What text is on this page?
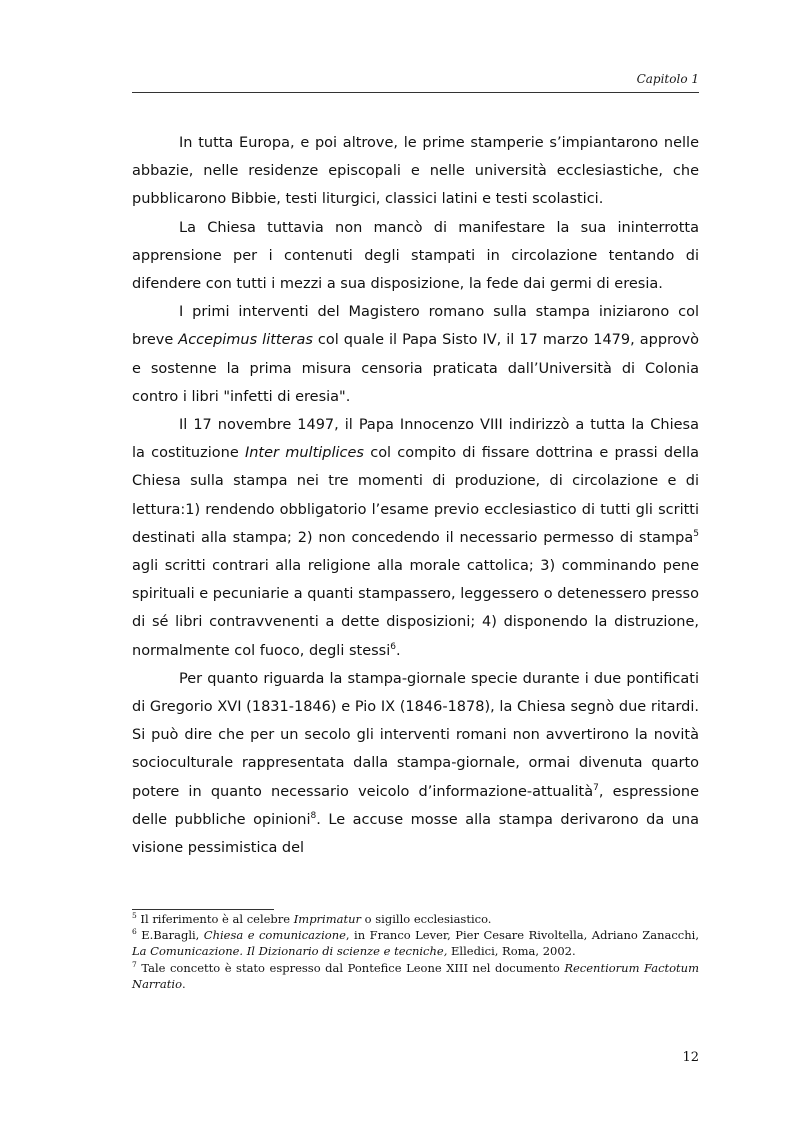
Capitolo 1

In tutta Europa, e poi altrove, le prime stamperie s’impiantarono nelle abbazie, nelle residenze episcopali e nelle università ecclesiastiche, che pubblicarono Bibbie, testi liturgici, classici latini e testi scolastici.

La Chiesa tuttavia non mancò di manifestare la sua ininterrotta apprensione per i contenuti degli stampati in circolazione tentando di difendere con tutti i mezzi a sua disposizione, la fede dai germi di eresia.

I primi interventi del Magistero romano sulla stampa iniziarono col breve Accepimus litteras col quale il Papa Sisto IV, il 17 marzo 1479, approvò e sostenne la prima misura censoria praticata dall’Università di Colonia contro i libri "infetti di eresia".

Il 17 novembre 1497, il Papa Innocenzo VIII indirizzò a tutta la Chiesa la costituzione Inter multiplices col compito di fissare dottrina e prassi della Chiesa sulla stampa nei tre momenti di produzione, di circolazione e di lettura:1) rendendo obbligatorio l’esame previo ecclesiastico di tutti gli scritti destinati alla stampa; 2) non concedendo il necessario permesso di stampa$^5$ agli scritti contrari alla religione alla morale cattolica; 3) comminando pene spirituali e pecuniarie a quanti stampassero, leggessero o detenessero presso di sé libri contravvenenti a dette disposizioni; 4) disponendo la distruzione, normalmente col fuoco, degli stessi$^6$.

Per quanto riguarda la stampa-giornale specie durante i due pontificati di Gregorio XVI (1831-1846) e Pio IX (1846-1878), la Chiesa segnò due ritardi. Si può dire che per un secolo gli interventi romani non avvertirono la novità socioculturale rappresentata dalla stampa-giornale, ormai divenuta quarto potere in quanto necessario veicolo d’informazione-attualità$^7$, espressione delle pubbliche opinioni$^8$. Le accuse mosse alla stampa derivarono da una visione pessimistica del

$^5$ Il riferimento è al celebre Imprimatur o sigillo ecclesiastico.

$^6$ E.Baragli, Chiesa e comunicazione, in Franco Lever, Pier Cesare Rivoltella, Adriano Zanacchi, La Comunicazione. Il Dizionario di scienze e tecniche, Elledici, Roma, 2002.

$^7$ Tale concetto è stato espresso dal Pontefice Leone XIII nel documento Recentiorum Factotum Narratio.

12
